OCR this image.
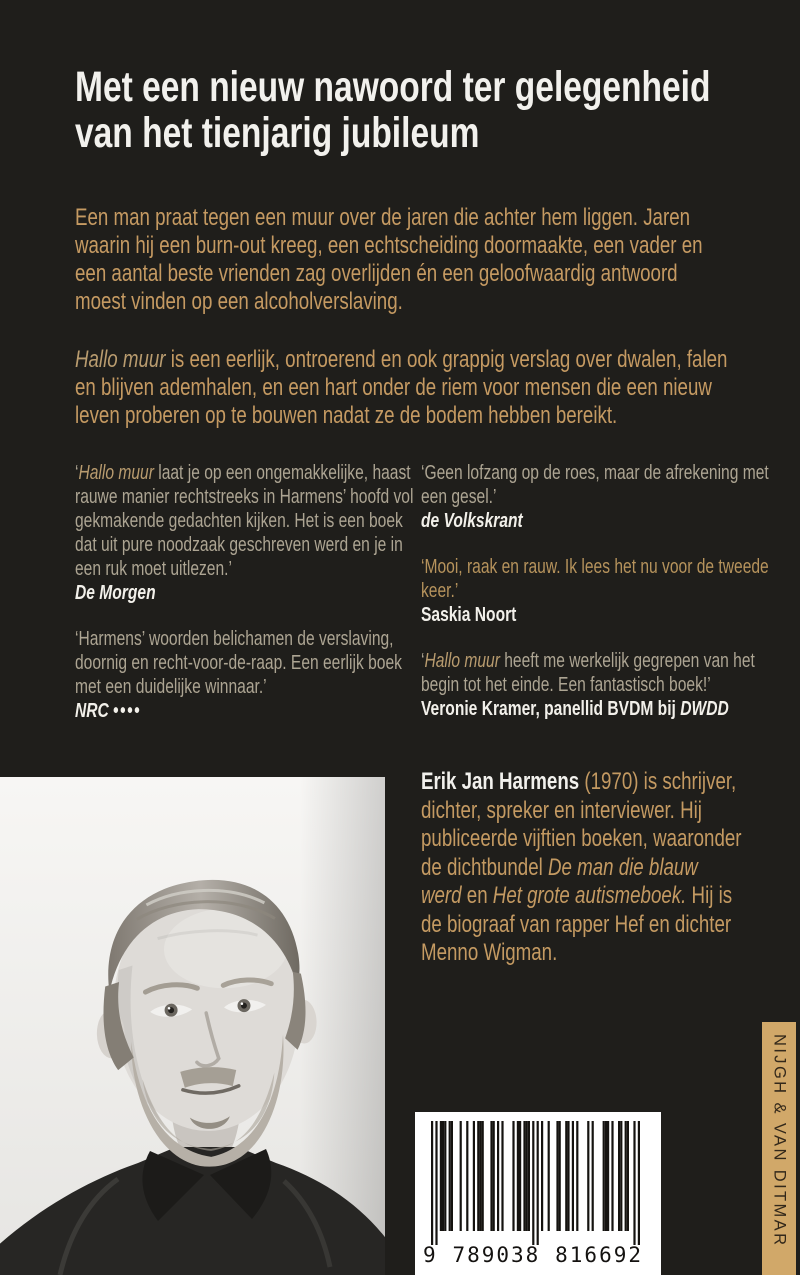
Met een nieuw nawoord ter gelegenheid
van het tienjarig jubileum

Een man praat tegen een muur over de jaren die achter hem liggen. Jaren waarin hij een burn-out kreeg, een echtscheiding doormaakte, een vader en een aantal beste vrienden zag overlijden én een geloofwaardig antwoord moest vinden op een alcoholverslaving.

Hallo muur is een eerlijk, ontroerend en ook grappig verslag over dwalen, falen en blijven ademhalen, en een hart onder de riem voor mensen die een nieuw leven proberen op te bouwen nadat ze de bodem hebben bereikt.

‘Hallo muur laat je op een ongemakkelijke, haast rauwe manier rechtstreeks in Harmens’ hoofd vol gekmakende gedachten kijken. Het is een boek dat uit pure noodzaak geschreven werd en je in een ruk moet uitlezen.’

De Morgen

‘Harmens’ woorden belichamen de verslaving, doornig en recht-voor-de-raap. Een eerlijk boek met een duidelijke winnaar.’

NRC ••••

‘Geen lofzang op de roes, maar de afrekening met een gesel.’

de Volkskrant

‘Mooi, raak en rauw. Ik lees het nu voor de tweede keer.’

Saskia Noort

‘Hallo muur heeft me werkelijk gegrepen van het begin tot het einde. Een fantastisch boek!’

Veronie Kramer, panellid BVDM bij DWDD

Erik Jan Harmens (1970) is schrijver, dichter, spreker en interviewer. Hij publiceerde vijftien boeken, waaronder de dichtbundel De man die blauw werd en Het grote autismeboek. Hij is de biograaf van rapper Hef en dichter Menno Wigman.
9 789038 816692
NIJGH & VAN DITMAR
